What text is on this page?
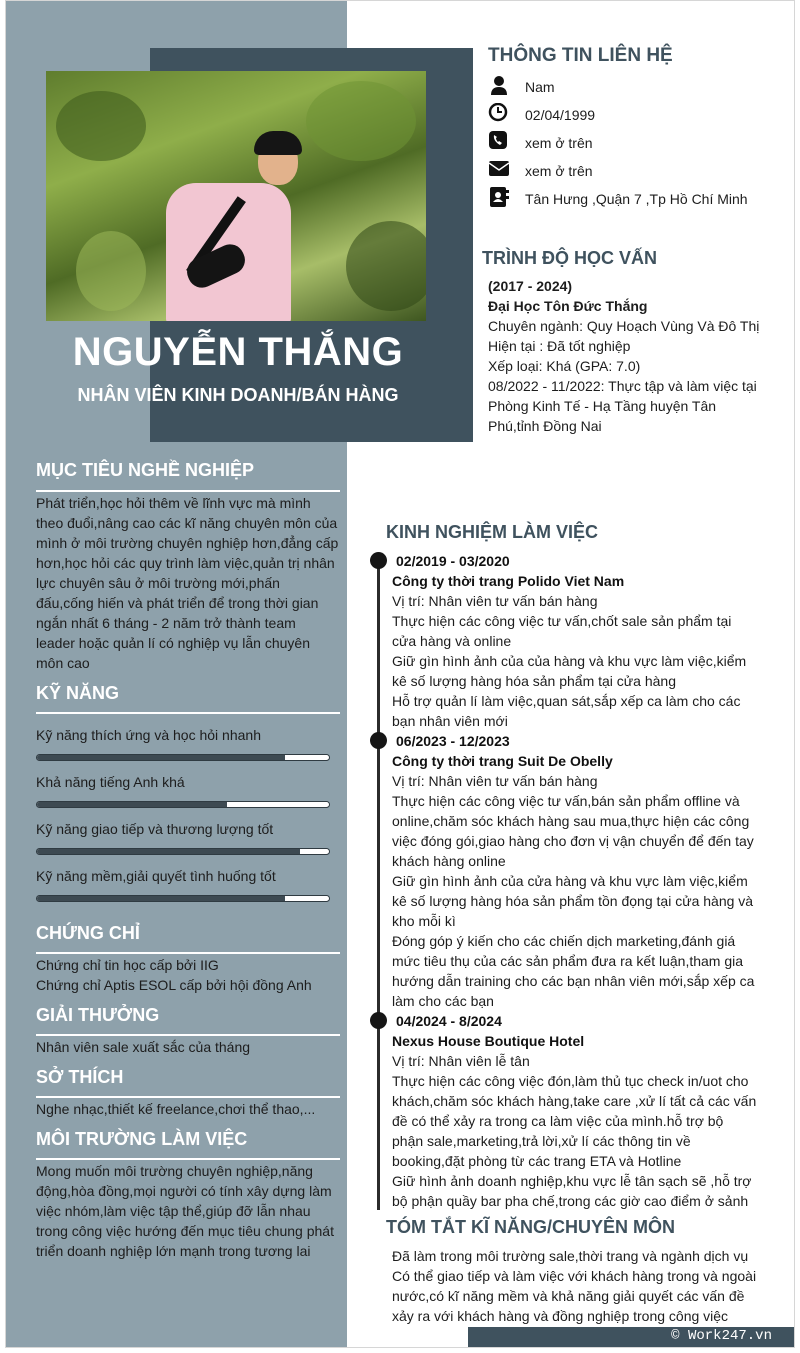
NGUYỄN THẮNG
NHÂN VIÊN KINH DOANH/BÁN HÀNG
THÔNG TIN LIÊN HỆ
Nam
02/04/1999
xem ở trên
xem ở trên
Tân Hưng ,Quận 7 ,Tp Hồ Chí Minh
TRÌNH ĐỘ HỌC VẤN
(2017 - 2024)
Đại Học Tôn Đức Thắng
Chuyên ngành: Quy Hoạch Vùng Và Đô Thị
Hiện tại : Đã tốt nghiệp
Xếp loại: Khá (GPA: 7.0)
08/2022 - 11/2022: Thực tập và làm việc tại
Phòng Kinh Tế - Hạ Tầng huyện Tân
Phú,tỉnh Đồng Nai
MỤC TIÊU NGHỀ NGHIỆP
Phát triển,học hỏi thêm về lĩnh vực mà mình
theo đuổi,nâng cao các kĩ năng chuyên môn của
mình ở môi trường chuyên nghiệp hơn,đẳng cấp
hơn,học hỏi các quy trình làm việc,quản trị nhân
lực chuyên sâu ở môi trường mới,phấn
đấu,cống hiến và phát triển để trong thời gian
ngắn nhất 6 tháng - 2 năm trở thành team
leader hoặc quản lí có nghiệp vụ lẫn chuyên
môn cao
KỸ NĂNG
Kỹ năng thích ứng và học hỏi nhanh
Khả năng tiếng Anh khá
Kỹ năng giao tiếp và thương lượng tốt
Kỹ năng mềm,giải quyết tình huống tốt
CHỨNG CHỈ
Chứng chỉ tin học cấp bởi IIG
Chứng chỉ Aptis ESOL cấp bởi hội đồng Anh
GIẢI THƯỞNG
Nhân viên sale xuất sắc của tháng
SỞ THÍCH
Nghe nhạc,thiết kế freelance,chơi thể thao,...
MÔI TRƯỜNG LÀM VIỆC
Mong muốn môi trường chuyên nghiệp,năng
động,hòa đồng,mọi người có tính xây dựng làm
việc nhóm,làm việc tập thể,giúp đỡ lẫn nhau
trong công việc hướng đến mục tiêu chung phát
triển doanh nghiệp lớn mạnh trong tương lai
KINH NGHIỆM LÀM VIỆC
02/2019 - 03/2020
Công ty thời trang Polido Viet Nam
Vị trí: Nhân viên tư vấn bán hàng
Thực hiện các công việc tư vấn,chốt sale sản phẩm tại
cửa hàng và online
Giữ gìn hình ảnh của của hàng và khu vực làm việc,kiểm
kê số lượng hàng hóa sản phẩm tại cửa hàng
Hỗ trợ quản lí làm việc,quan sát,sắp xếp ca làm cho các
bạn nhân viên mới
06/2023 - 12/2023
Công ty thời trang Suit De Obelly
Vị trí: Nhân viên tư vấn bán hàng
Thực hiện các công việc tư vấn,bán sản phẩm offline và
online,chăm sóc khách hàng sau mua,thực hiện các công
việc đóng gói,giao hàng cho đơn vị vận chuyển để đến tay
khách hàng online
Giữ gìn hình ảnh của cửa hàng và khu vực làm việc,kiểm
kê số lượng hàng hóa sản phẩm tồn đọng tại cửa hàng và
kho mỗi kì
Đóng góp ý kiến cho các chiến dịch marketing,đánh giá
mức tiêu thụ của các sản phẩm đưa ra kết luận,tham gia
hướng dẫn training cho các bạn nhân viên mới,sắp xếp ca
làm cho các bạn
04/2024 - 8/2024
Nexus House Boutique Hotel
Vị trí: Nhân viên lễ tân
Thực hiện các công việc đón,làm thủ tục check in/uot cho
khách,chăm sóc khách hàng,take care ,xử lí tất cả các vấn
đề có thể xảy ra trong ca làm việc của mình.hỗ trợ bộ
phận sale,marketing,trả lời,xử lí các thông tin về
booking,đặt phòng từ các trang ETA và Hotline
Giữ hình ảnh doanh nghiệp,khu vực lễ tân sạch sẽ ,hỗ trợ
bộ phận quầy bar pha chế,trong các giờ cao điểm ở sảnh
TÓM TẮT KĨ NĂNG/CHUYÊN MÔN
Đã làm trong môi trường sale,thời trang và ngành dịch vụ
Có thể giao tiếp và làm việc với khách hàng trong và ngoài
nước,có kĩ năng mềm và khả năng giải quyết các vấn đề
xảy ra với khách hàng và đồng nghiệp trong công việc
© Work247.vn
